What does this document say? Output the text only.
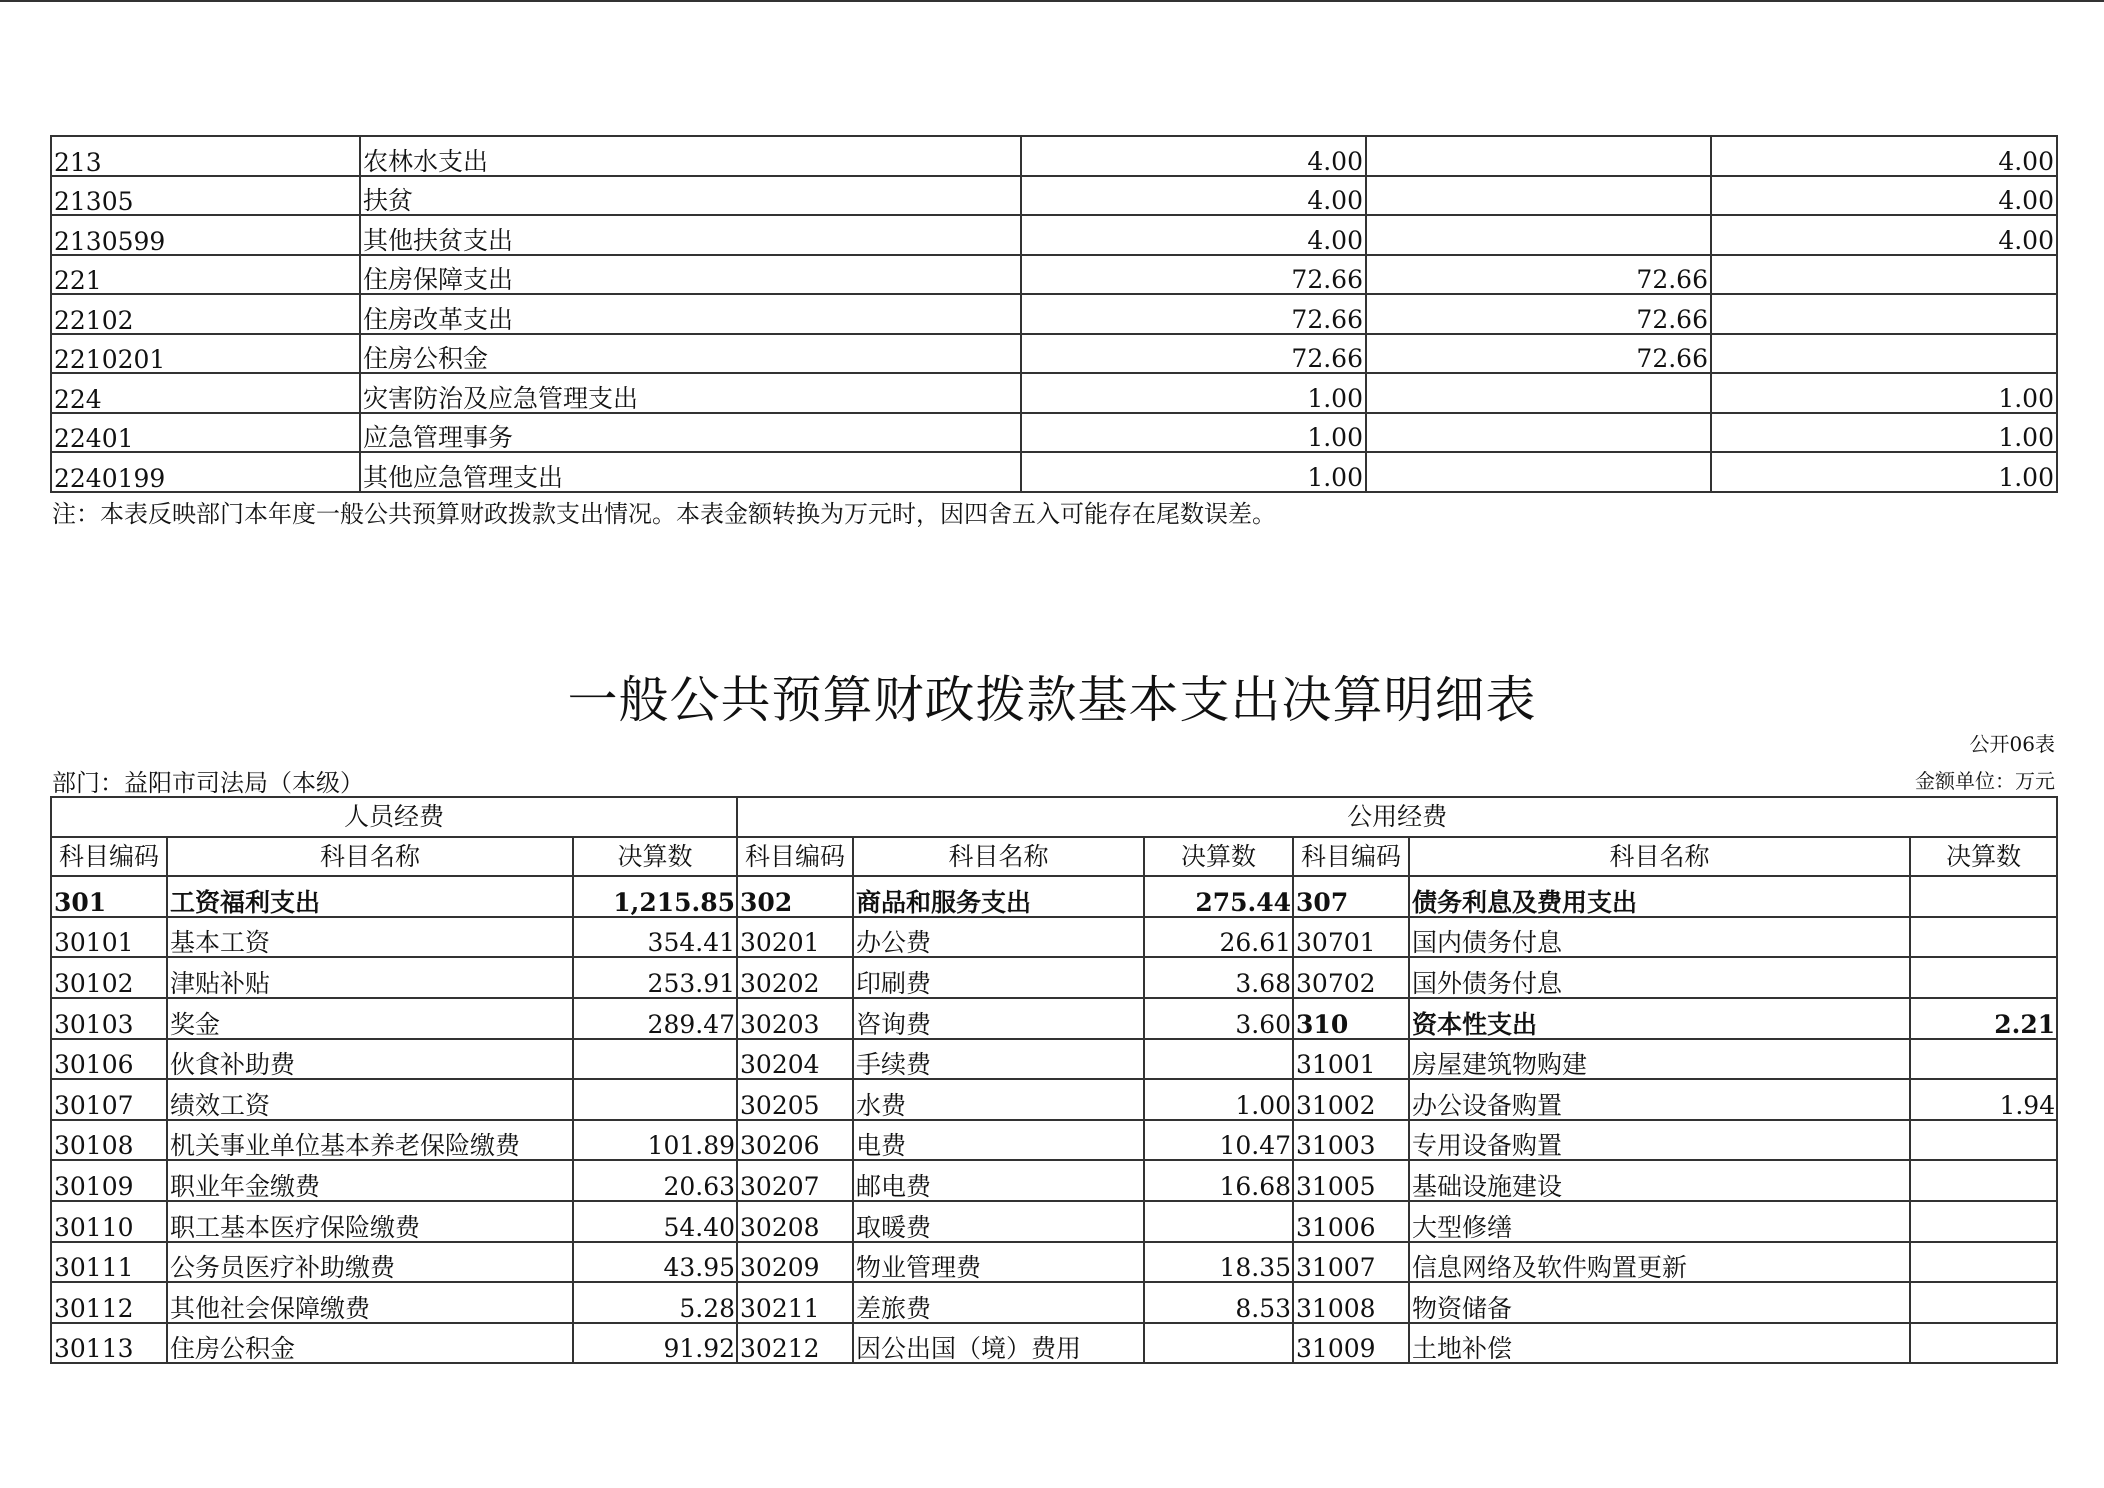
213	农林水支出	4.00		4.00
21305	扶贫	4.00		4.00
2130599	其他扶贫支出	4.00		4.00
221	住房保障支出	72.66	72.66	
22102	住房改革支出	72.66	72.66	
2210201	住房公积金	72.66	72.66	
224	灾害防治及应急管理支出	1.00		1.00
22401	应急管理事务	1.00		1.00
2240199	其他应急管理支出	1.00		1.00
注：本表反映部门本年度一般公共预算财政拨款支出情况。本表金额转换为万元时，因四舍五入可能存在尾数误差。
一般公共预算财政拨款基本支出决算明细表
公开06表
部门：益阳市司法局（本级）	金额单位：万元
人员经费			公用经费					
科目编码	科目名称	决算数	科目编码	科目名称	决算数	科目编码	科目名称	决算数
301	工资福利支出	1,215.85	302	商品和服务支出	275.44	307	债务利息及费用支出	
30101	基本工资	354.41	30201	办公费	26.61	30701	国内债务付息	
30102	津贴补贴	253.91	30202	印刷费	3.68	30702	国外债务付息	
30103	奖金	289.47	30203	咨询费	3.60	310	资本性支出	2.21
30106	伙食补助费		30204	手续费		31001	房屋建筑物购建	
30107	绩效工资		30205	水费	1.00	31002	办公设备购置	1.94
30108	机关事业单位基本养老保险缴费	101.89	30206	电费	10.47	31003	专用设备购置	
30109	职业年金缴费	20.63	30207	邮电费	16.68	31005	基础设施建设	
30110	职工基本医疗保险缴费	54.40	30208	取暖费		31006	大型修缮	
30111	公务员医疗补助缴费	43.95	30209	物业管理费	18.35	31007	信息网络及软件购置更新	
30112	其他社会保障缴费	5.28	30211	差旅费	8.53	31008	物资储备	
30113	住房公积金	91.92	30212	因公出国（境）费用		31009	土地补偿	
